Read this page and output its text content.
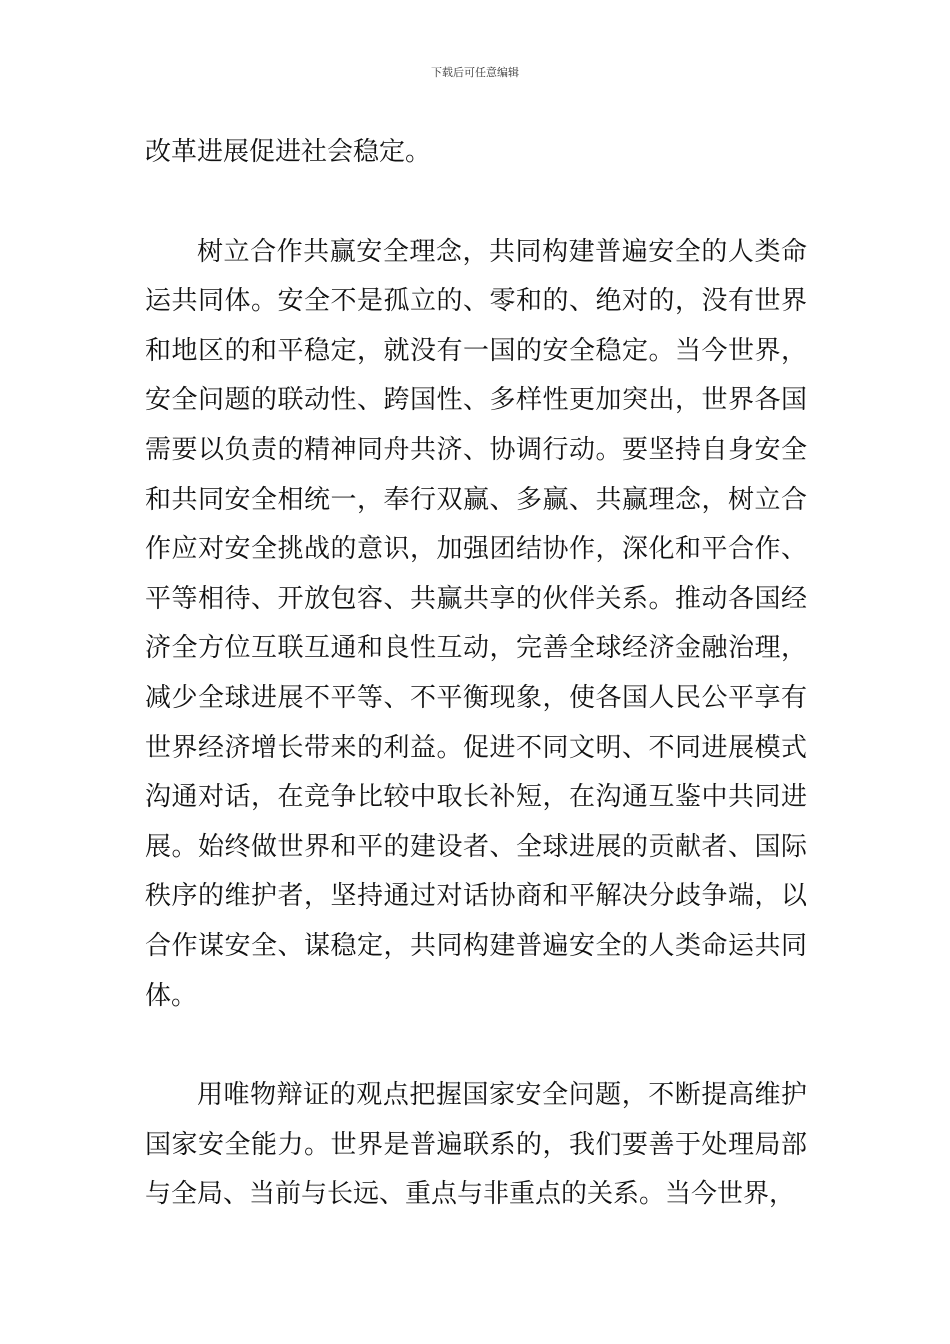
下载后可任意编辑

改革进展促进社会稳定。

树立合作共赢安全理念，共同构建普遍安全的人类命运共同体。安全不是孤立的、零和的、绝对的，没有世界和地区的和平稳定，就没有一国的安全稳定。当今世界，安全问题的联动性、跨国性、多样性更加突出，世界各国需要以负责的精神同舟共济、协调行动。要坚持自身安全和共同安全相统一，奉行双赢、多赢、共赢理念，树立合作应对安全挑战的意识，加强团结协作，深化和平合作、平等相待、开放包容、共赢共享的伙伴关系。推动各国经济全方位互联互通和良性互动，完善全球经济金融治理，减少全球进展不平等、不平衡现象，使各国人民公平享有世界经济增长带来的利益。促进不同文明、不同进展模式沟通对话，在竞争比较中取长补短，在沟通互鉴中共同进展。始终做世界和平的建设者、全球进展的贡献者、国际秩序的维护者，坚持通过对话协商和平解决分歧争端，以合作谋安全、谋稳定，共同构建普遍安全的人类命运共同体。

用唯物辩证的观点把握国家安全问题，不断提高维护国家安全能力。世界是普遍联系的，我们要善于处理局部与全局、当前与长远、重点与非重点的关系。当今世界，
